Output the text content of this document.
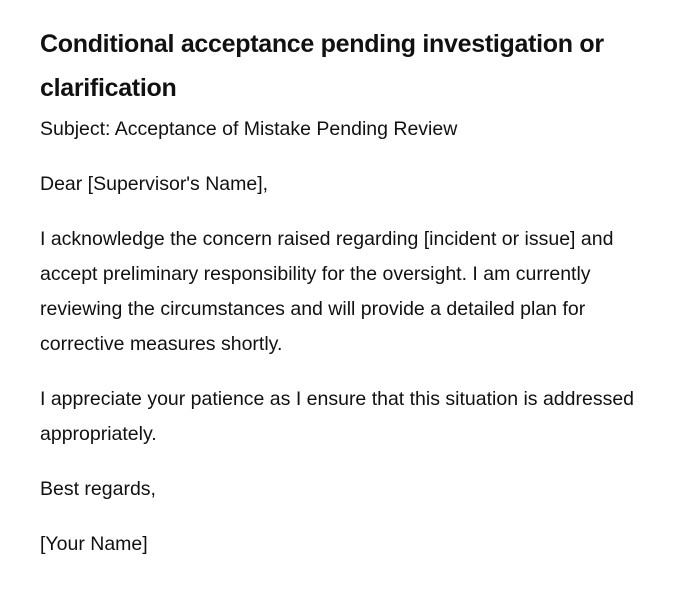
Conditional acceptance pending investigation or clarification

Subject: Acceptance of Mistake Pending Review

Dear [Supervisor's Name],

I acknowledge the concern raised regarding [incident or issue] and accept preliminary responsibility for the oversight. I am currently reviewing the circumstances and will provide a detailed plan for corrective measures shortly.

I appreciate your patience as I ensure that this situation is addressed appropriately.

Best regards,

[Your Name]
